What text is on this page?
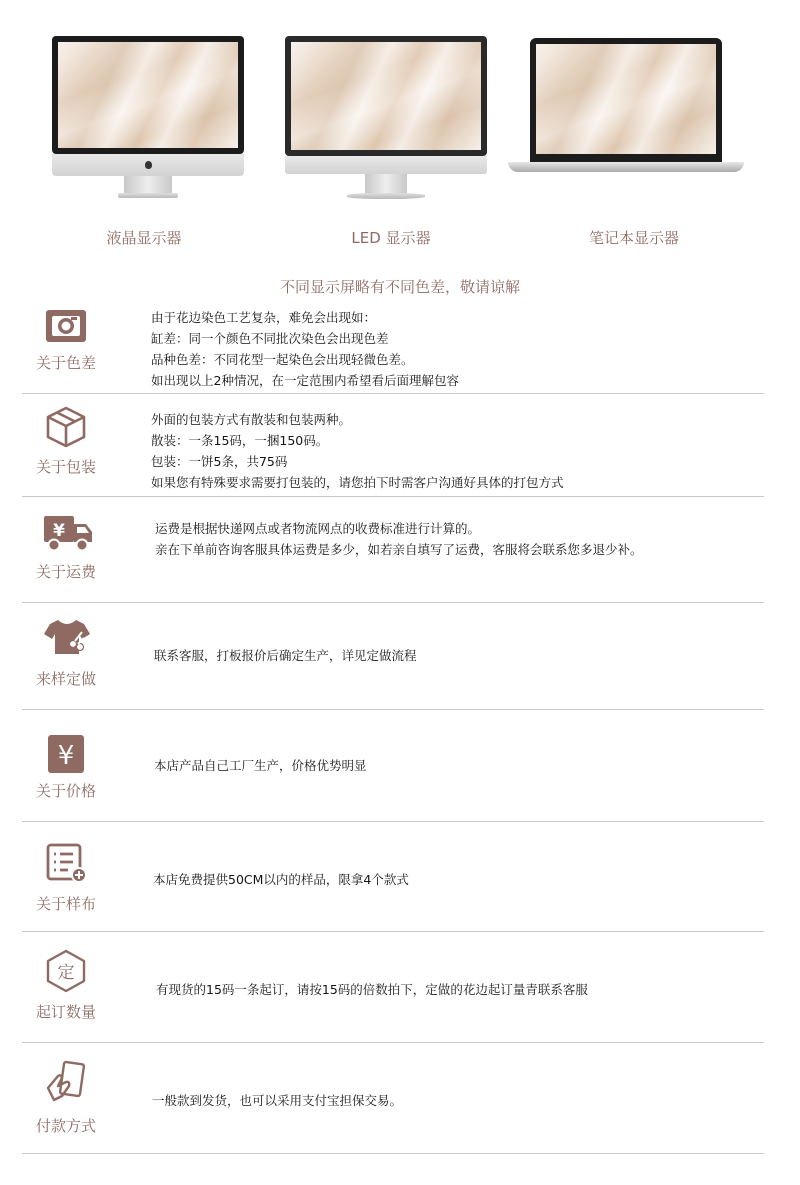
液晶显示器	LED 显示器	笔记本显示器
不同显示屏略有不同色差，敬请谅解
关于色差
由于花边染色工艺复杂，难免会出现如：
缸差：同一个颜色不同批次染色会出现色差
品种色差：不同花型一起染色会出现轻微色差。
如出现以上2种情况，在一定范围内希望看后面理解包容
关于包装
外面的包装方式有散装和包装两种。
散装：一条15码，一捆150码。
包装：一饼5条，共75码
如果您有特殊要求需要打包装的，请您拍下时需客户沟通好具体的打包方式
¥
关于运费
运费是根据快递网点或者物流网点的收费标准进行计算的。
亲在下单前咨询客服具体运费是多少，如若亲自填写了运费，客服将会联系您多退少补。
来样定做
联系客服，打板报价后确定生产，详见定做流程
¥
关于价格
本店产品自己工厂生产，价格优势明显
关于样布
本店免费提供50CM以内的样品，限拿4个款式
定
起订数量
有现货的15码一条起订，请按15码的倍数拍下，定做的花边起订量青联系客服
付款方式
一般款到发货，也可以采用支付宝担保交易。
